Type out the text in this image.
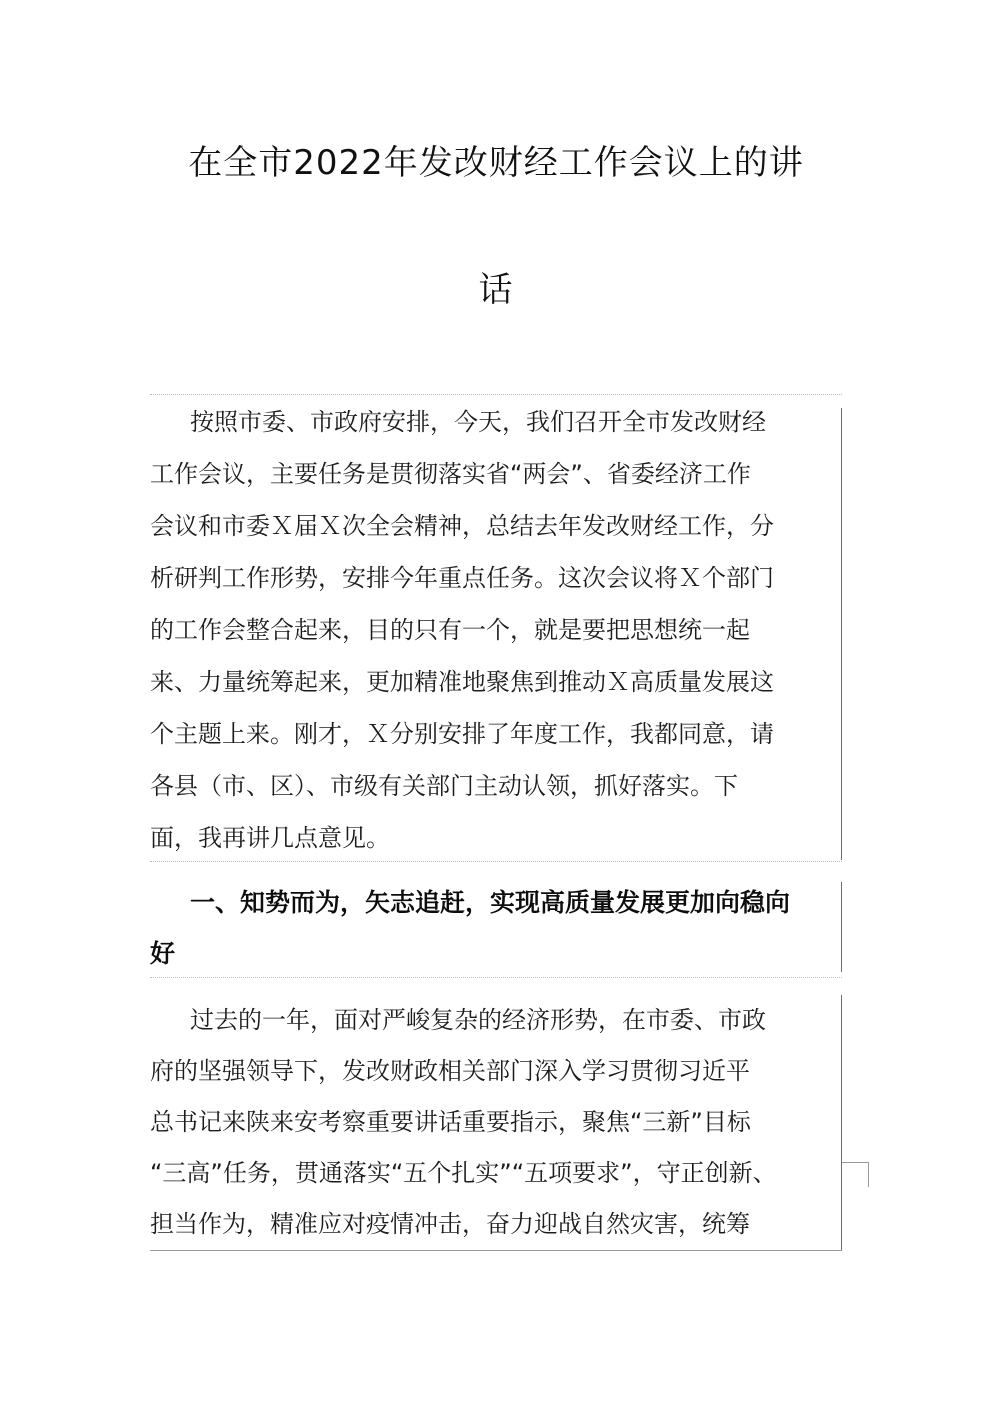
在全市2022年发改财经工作会议上的讲
话
按照市委、市政府安排，今天，我们召开全市发改财经
工作会议，主要任务是贯彻落实省“两会”、省委经济工作
会议和市委Ｘ届Ｘ次全会精神，总结去年发改财经工作，分
析研判工作形势，安排今年重点任务。这次会议将Ｘ个部门
的工作会整合起来，目的只有一个，就是要把思想统一起
来、力量统筹起来，更加精准地聚焦到推动Ｘ高质量发展这
个主题上来。刚才，Ｘ分别安排了年度工作，我都同意，请
各县（市、区）、市级有关部门主动认领，抓好落实。下
面，我再讲几点意见。
一、知势而为，矢志追赶，实现高质量发展更加向稳向
好
过去的一年，面对严峻复杂的经济形势，在市委、市政
府的坚强领导下，发改财政相关部门深入学习贯彻习近平
总书记来陕来安考察重要讲话重要指示，聚焦“三新”目标
“三高”任务，贯通落实“五个扎实”“五项要求”，守正创新、
担当作为，精准应对疫情冲击，奋力迎战自然灾害，统筹
